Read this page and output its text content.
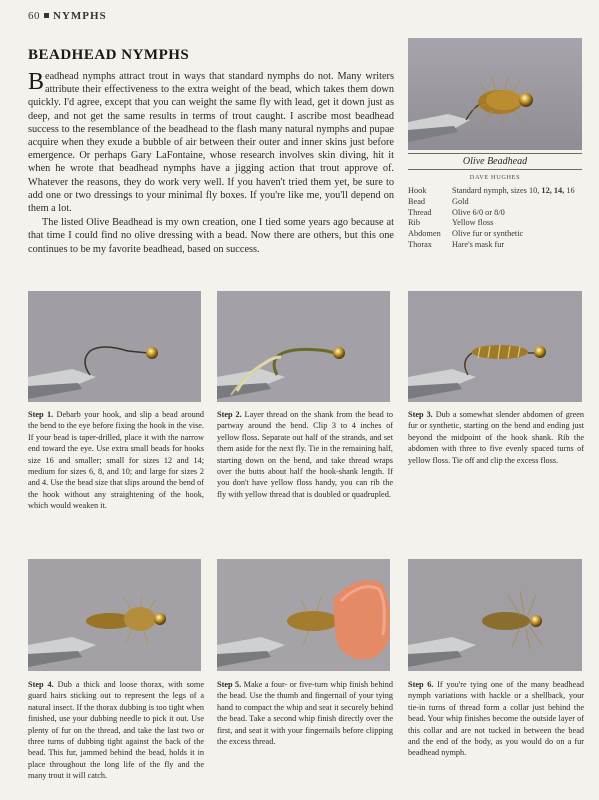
60 NYMPHS
BEADHEAD NYMPHS

Beadhead nymphs attract trout in ways that standard nymphs do not. Many writers attribute their effectiveness to the extra weight of the bead, which takes them down quickly. I'd agree, except that you can weight the same fly with lead, get it down just as deep, and not get the same results in terms of trout caught. I ascribe most beadhead success to the resemblance of the beadhead to the flash many natural nymphs and pupae acquire when they exude a bubble of air between their outer and inner skins just before emergence. Or perhaps Gary LaFontaine, whose research involves skin diving, hit it when he wrote that beadhead nymphs have a jigging action that trout approve of. Whatever the reasons, they do work very well. If you haven't tried them yet, be sure to add one or two dressings to your minimal fly boxes. If you're like me, you'll depend on them a lot.

The listed Olive Beadhead is my own creation, one I tied some years ago because at that time I could find no olive dressing with a bead. Now there are others, but this one continues to be my favorite beadhead, based on success.

Olive Beadhead
DAVE HUGHES
Hook	Standard nymph, sizes 10, 12, 14, 16
Bead	Gold
Thread	Olive 6/0 or 8/0
Rib	Yellow floss
Abdomen	Olive fur or synthetic
Thorax	Hare's mask fur
Step 1. Debarb your hook, and slip a bead around the bend to the eye before fixing the hook in the vise. If your bead is taper-drilled, place it with the narrow end toward the eye. Use extra small beads for hooks size 16 and smaller; small for sizes 12 and 14; medium for sizes 6, 8, and 10; and large for sizes 2 and 4. Use the bead size that slips around the bend of the hook without any straightening of the hook, which would weaken it.
Step 2. Layer thread on the shank from the bead to partway around the bend. Clip 3 to 4 inches of yellow floss. Separate out half of the strands, and set them aside for the next fly. Tie in the remaining half, starting down on the bend, and take thread wraps over the butts about half the hook-shank length. If you don't have yellow floss handy, you can rib the fly with yellow thread that is doubled or quadrupled.
Step 3. Dub a somewhat slender abdomen of green fur or synthetic, starting on the bend and ending just beyond the midpoint of the hook shank. Rib the abdomen with three to five evenly spaced turns of yellow floss. Tie off and clip the excess floss.
Step 4. Dub a thick and loose thorax, with some guard hairs sticking out to represent the legs of a natural insect. If the thorax dubbing is too tight when finished, use your dubbing needle to pick it out. Use plenty of fur on the thread, and take the last two or three turns of dubbing tight against the back of the bead. This fur, jammed behind the bead, holds it in place throughout the long life of the fly and the many trout it will catch.
Step 5. Make a four- or five-turn whip finish behind the bead. Use the thumb and fingernail of your tying hand to compact the whip and seat it securely behind the bead. Take a second whip finish directly over the first, and seat it with your fingernails before clipping the excess thread.
Step 6. If you're tying one of the many beadhead nymph variations with hackle or a shellback, your tie-in turns of thread form a collar just behind the bead. Your whip finishes become the outside layer of this collar and are not tucked in between the bead and the end of the body, as you would do on a fur beadhead nymph.
